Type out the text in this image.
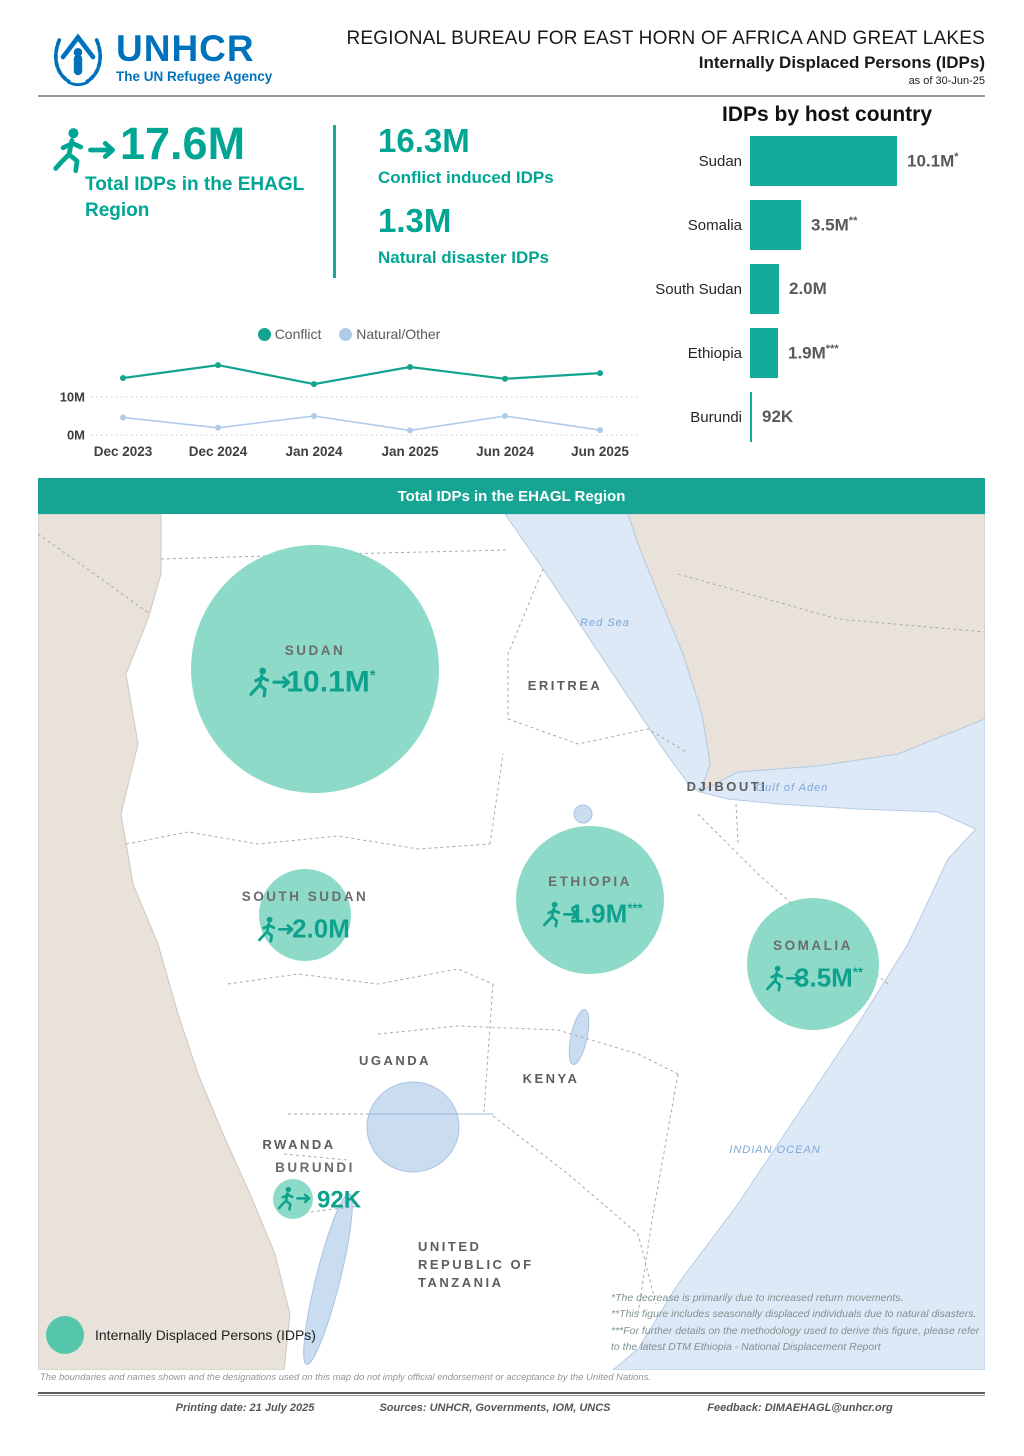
UNHCR
The UN Refugee Agency
REGIONAL BUREAU FOR EAST HORN OF AFRICA AND GREAT LAKES
Internally Displaced Persons (IDPs)
as of 30-Jun-25
17.6M
Total IDPs in the EHAGL
Region
16.3M
Conflict induced IDPs
1.3M
Natural disaster IDPs
IDPs by host country
Sudan	10.1M*
Somalia	3.5M**
South Sudan	2.0M
Ethiopia	1.9M***
Burundi	92K
Conflict Natural/Other
10M
0M
Dec 2023	Dec 2024	Jan 2024	Jan 2025	Jun 2024	Jun 2025
Total IDPs in the EHAGL Region
ERITREA
DJIBOUTI
UGANDA
KENYA
RWANDA
UNITED
REPUBLIC OF
TANZANIA
Red Sea
Gulf of Aden
INDIAN OCEAN
SUDAN
10.1M*
SOUTH SUDAN
2.0M
ETHIOPIA
1.9M***
SOMALIA
3.5M**
BURUNDI
92K
Internally Displaced Persons (IDPs)
*The decrease is primarily due to increased return movements.
**This figure includes seasonally displaced individuals due to natural disasters.
***For further details on the methodology used to derive this figure, please refer to the latest DTM Ethiopia - National Displacement Report
The boundaries and names shown and the designations used on this map do not imply official endorsement or acceptance by the United Nations.
Printing date: 21 July 2025	Sources: UNHCR, Governments, IOM, UNCS	Feedback: DIMAEHAGL@unhcr.org
